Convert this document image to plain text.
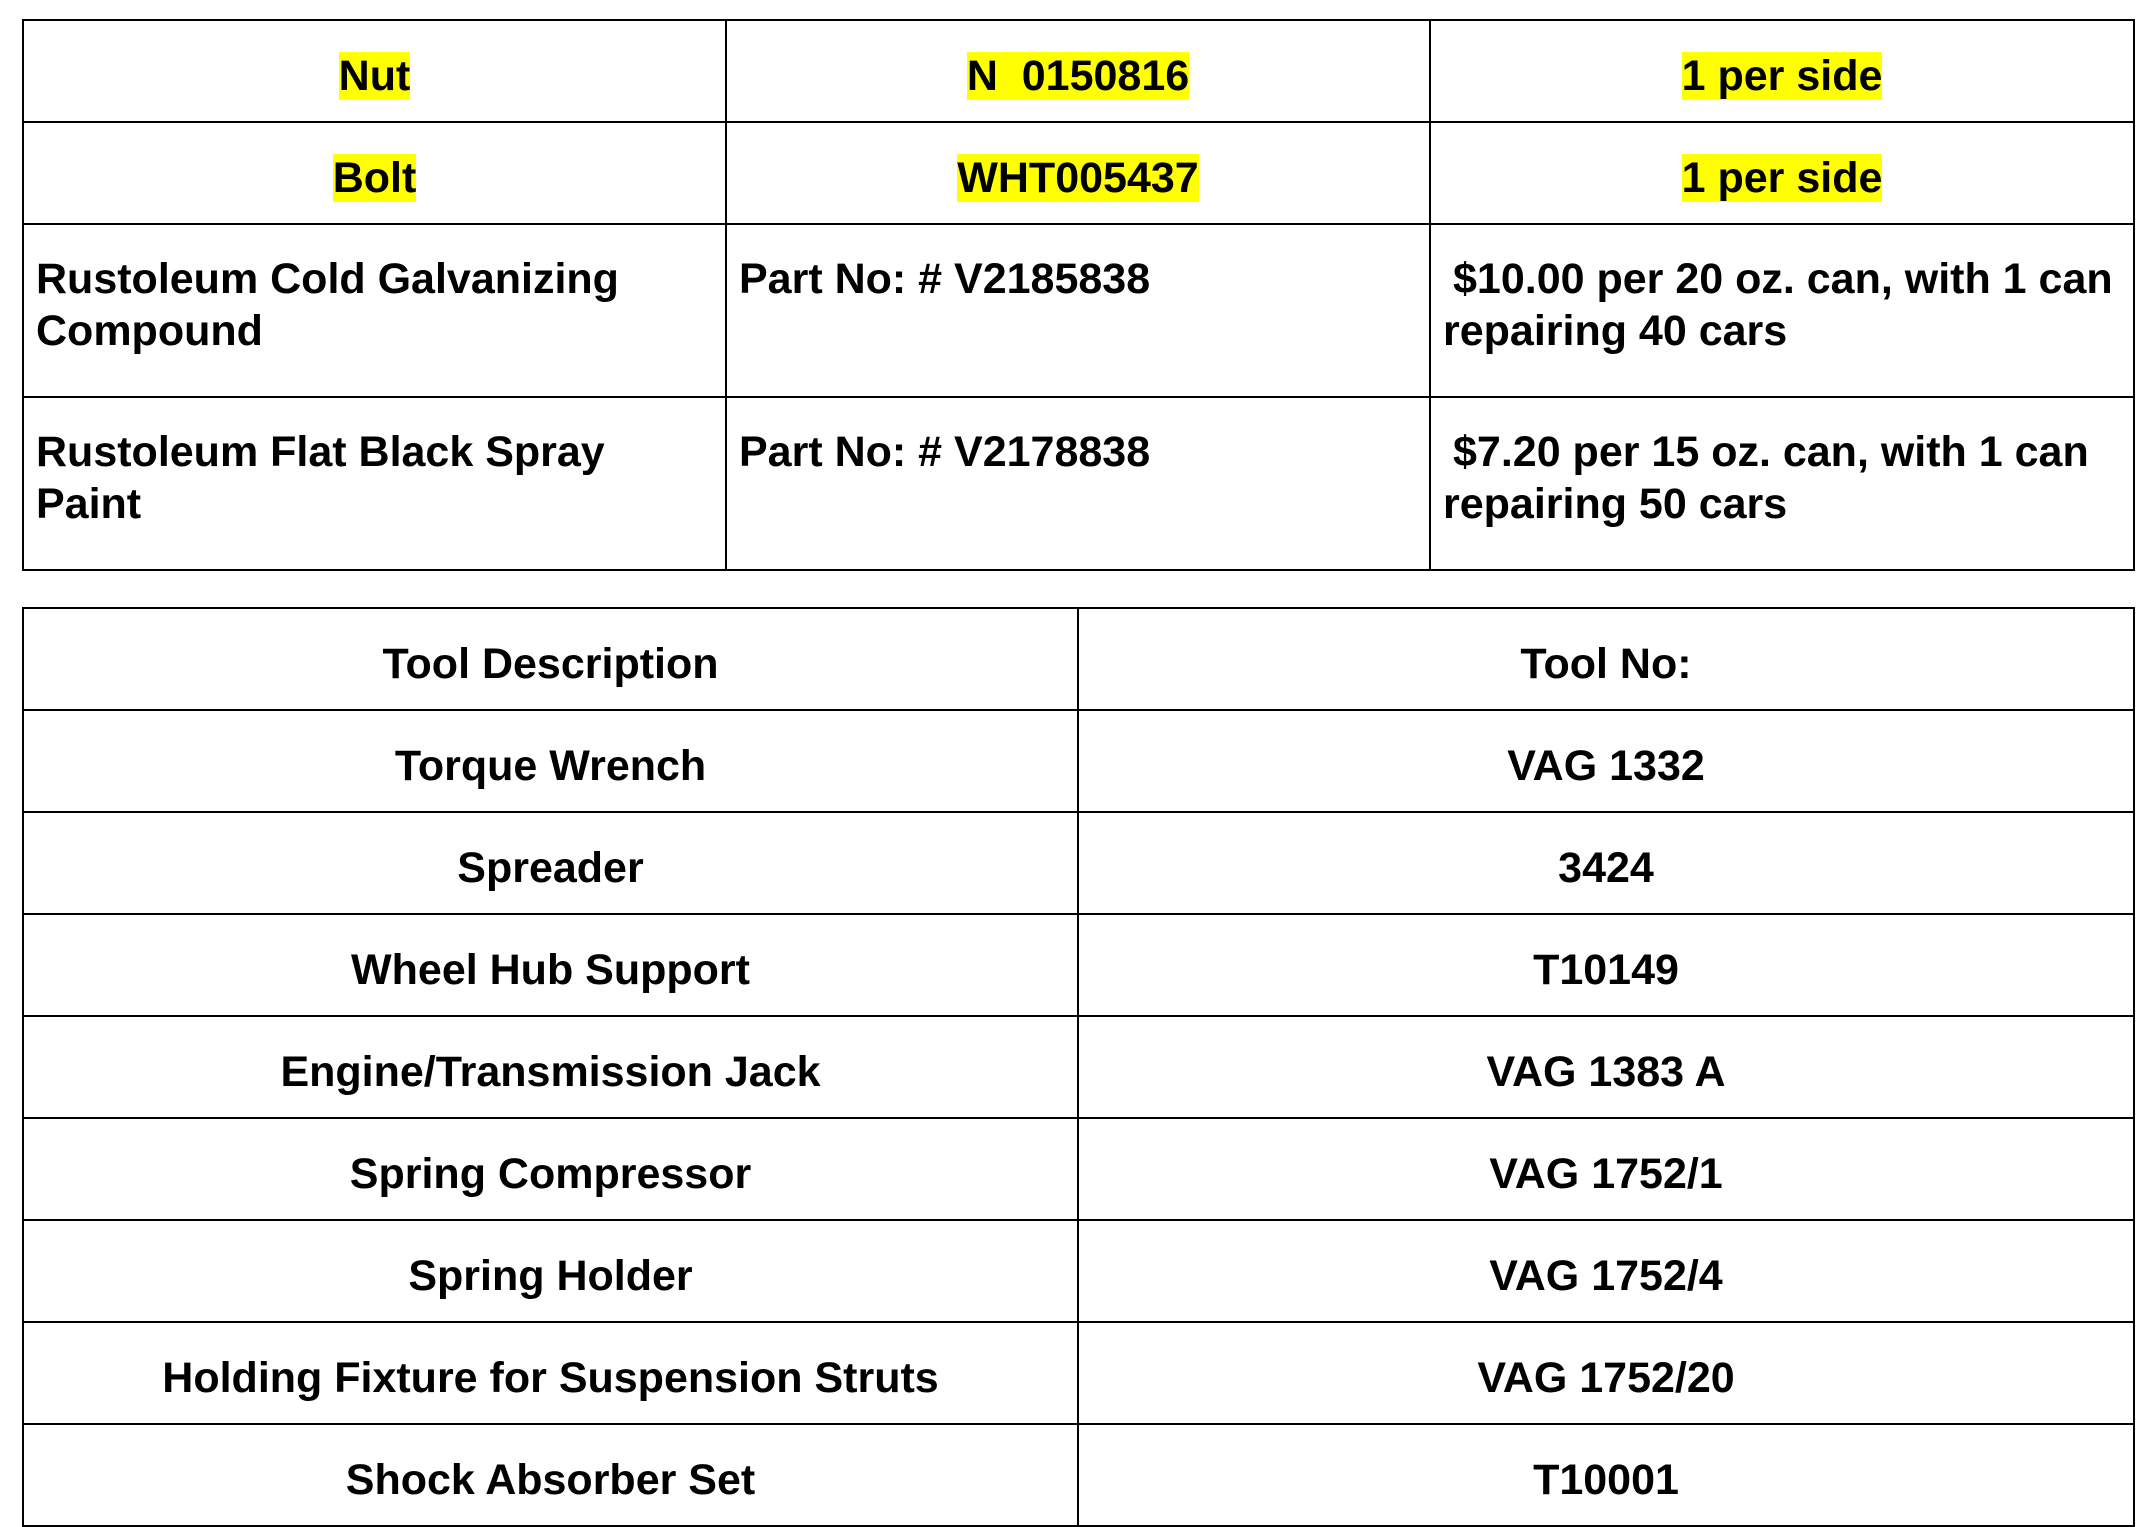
Nut	N  0150816	1 per side
Bolt	WHT005437	1 per side
Rustoleum Cold Galvanizing Compound	Part No: # V2185838	$10.00 per 20 oz. can, with 1 can repairing 40 cars
Rustoleum Flat Black Spray Paint	Part No: # V2178838	$7.20 per 15 oz. can, with 1 can repairing 50 cars
Tool Description	Tool No:
Torque Wrench	VAG 1332
Spreader	3424
Wheel Hub Support	T10149
Engine/Transmission Jack	VAG 1383 A
Spring Compressor	VAG 1752/1
Spring Holder	VAG 1752/4
Holding Fixture for Suspension Struts	VAG 1752/20
Shock Absorber Set	T10001
